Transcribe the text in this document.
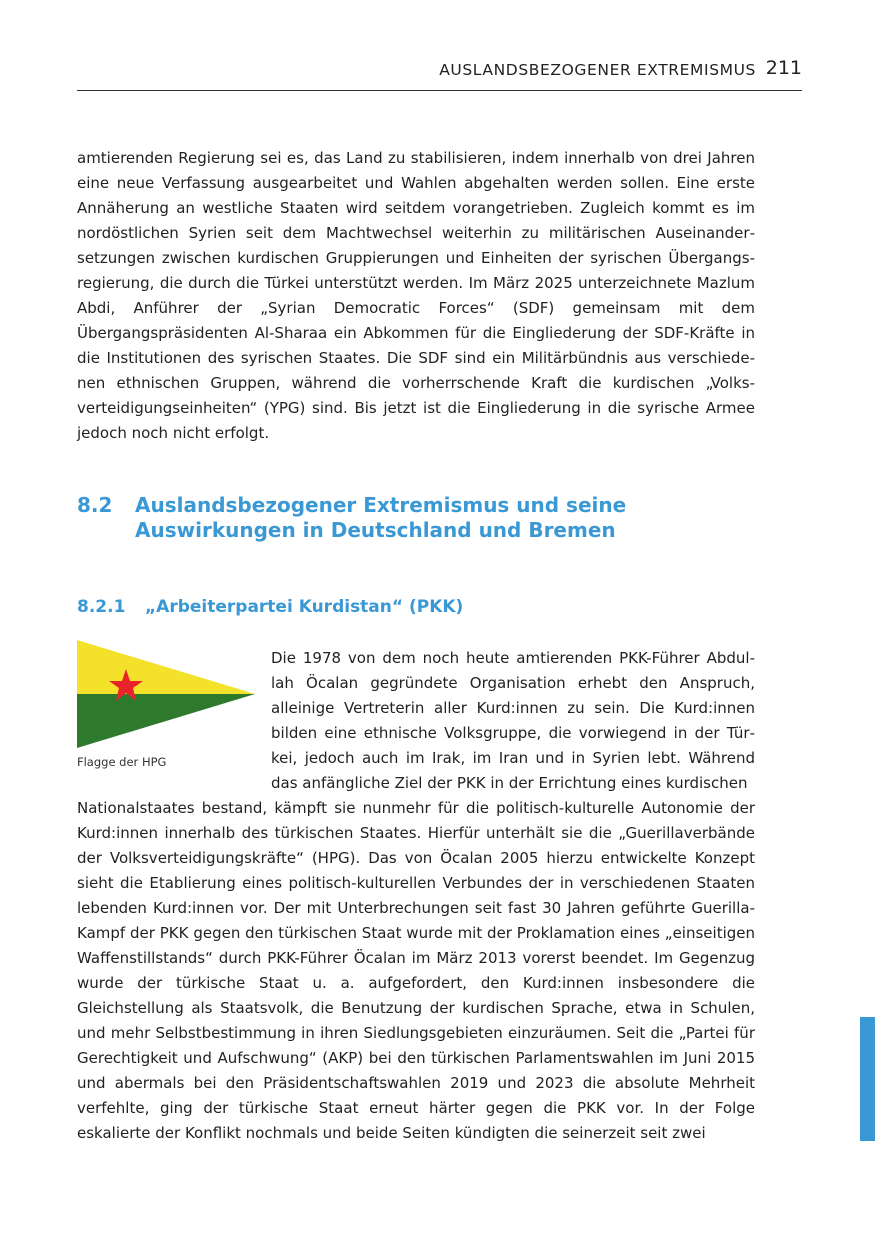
AUSLANDSBEZOGENER EXTREMISMUS 211

amtierenden Regierung sei es, das Land zu stabilisieren, indem innerhalb von drei Jahren eine neue Verfassung ausgearbeitet und Wahlen abgehalten werden sollen. Eine erste Annäherung an westliche Staaten wird seitdem vorangetrieben. Zugleich kommt es im nordöstlichen Syrien seit dem Machtwechsel weiterhin zu militärischen Auseinandersetzungen zwischen kurdischen Gruppierungen und Einheiten der syrischen Übergangsregierung, die durch die Türkei unterstützt werden. Im März 2025 unterzeichnete Mazlum Abdi, Anführer der „Syrian Democratic Forces“ (SDF) gemeinsam mit dem Übergangspräsidenten Al-Sharaa ein Abkommen für die Eingliederung der SDF-Kräfte in die Institutionen des syrischen Staates. Die SDF sind ein Militärbündnis aus verschiedenen ethnischen Gruppen, während die vorherrschende Kraft die kurdischen „Volksverteidigungseinheiten“ (YPG) sind. Bis jetzt ist die Eingliederung in die syrische Armee jedoch noch nicht erfolgt.

8.2 Auslandsbezogener Extremismus und seine Auswirkungen in Deutschland und Bremen
8.2.1 „Arbeiterpartei Kurdistan“ (PKK)
Flagge der HPG

Die 1978 von dem noch heute amtierenden PKK-Führer Abdullah Öcalan gegründete Organisation erhebt den Anspruch, alleinige Vertreterin aller Kurd:innen zu sein. Die Kurd:innen bilden eine ethnische Volksgruppe, die vorwiegend in der Türkei, jedoch auch im Irak, im Iran und in Syrien lebt. Während das anfängliche Ziel der PKK in der Errichtung eines kurdischen

Nationalstaates bestand, kämpft sie nunmehr für die politisch-kulturelle Autonomie der Kurd:innen innerhalb des türkischen Staates. Hierfür unterhält sie die „Guerillaverbände der Volksverteidigungskräfte“ (HPG). Das von Öcalan 2005 hierzu entwickelte Konzept sieht die Etablierung eines politisch-kulturellen Verbundes der in verschiedenen Staaten lebenden Kurd:innen vor. Der mit Unterbrechungen seit fast 30 Jahren geführte Guerilla-Kampf der PKK gegen den türkischen Staat wurde mit der Proklamation eines „einseitigen Waffenstillstands“ durch PKK-Führer Öcalan im März 2013 vorerst beendet. Im Gegenzug wurde der türkische Staat u. a. aufgefordert, den Kurd:innen insbesondere die Gleichstellung als Staatsvolk, die Benutzung der kurdischen Sprache, etwa in Schulen, und mehr Selbstbestimmung in ihren Siedlungsgebieten einzuräumen. Seit die „Partei für Gerechtigkeit und Aufschwung“ (AKP) bei den türkischen Parlamentswahlen im Juni 2015 und abermals bei den Präsidentschaftswahlen 2019 und 2023 die absolute Mehrheit verfehlte, ging der türkische Staat erneut härter gegen die PKK vor. In der Folge eskalierte der Konflikt nochmals und beide Seiten kündigten die seinerzeit seit zwei
